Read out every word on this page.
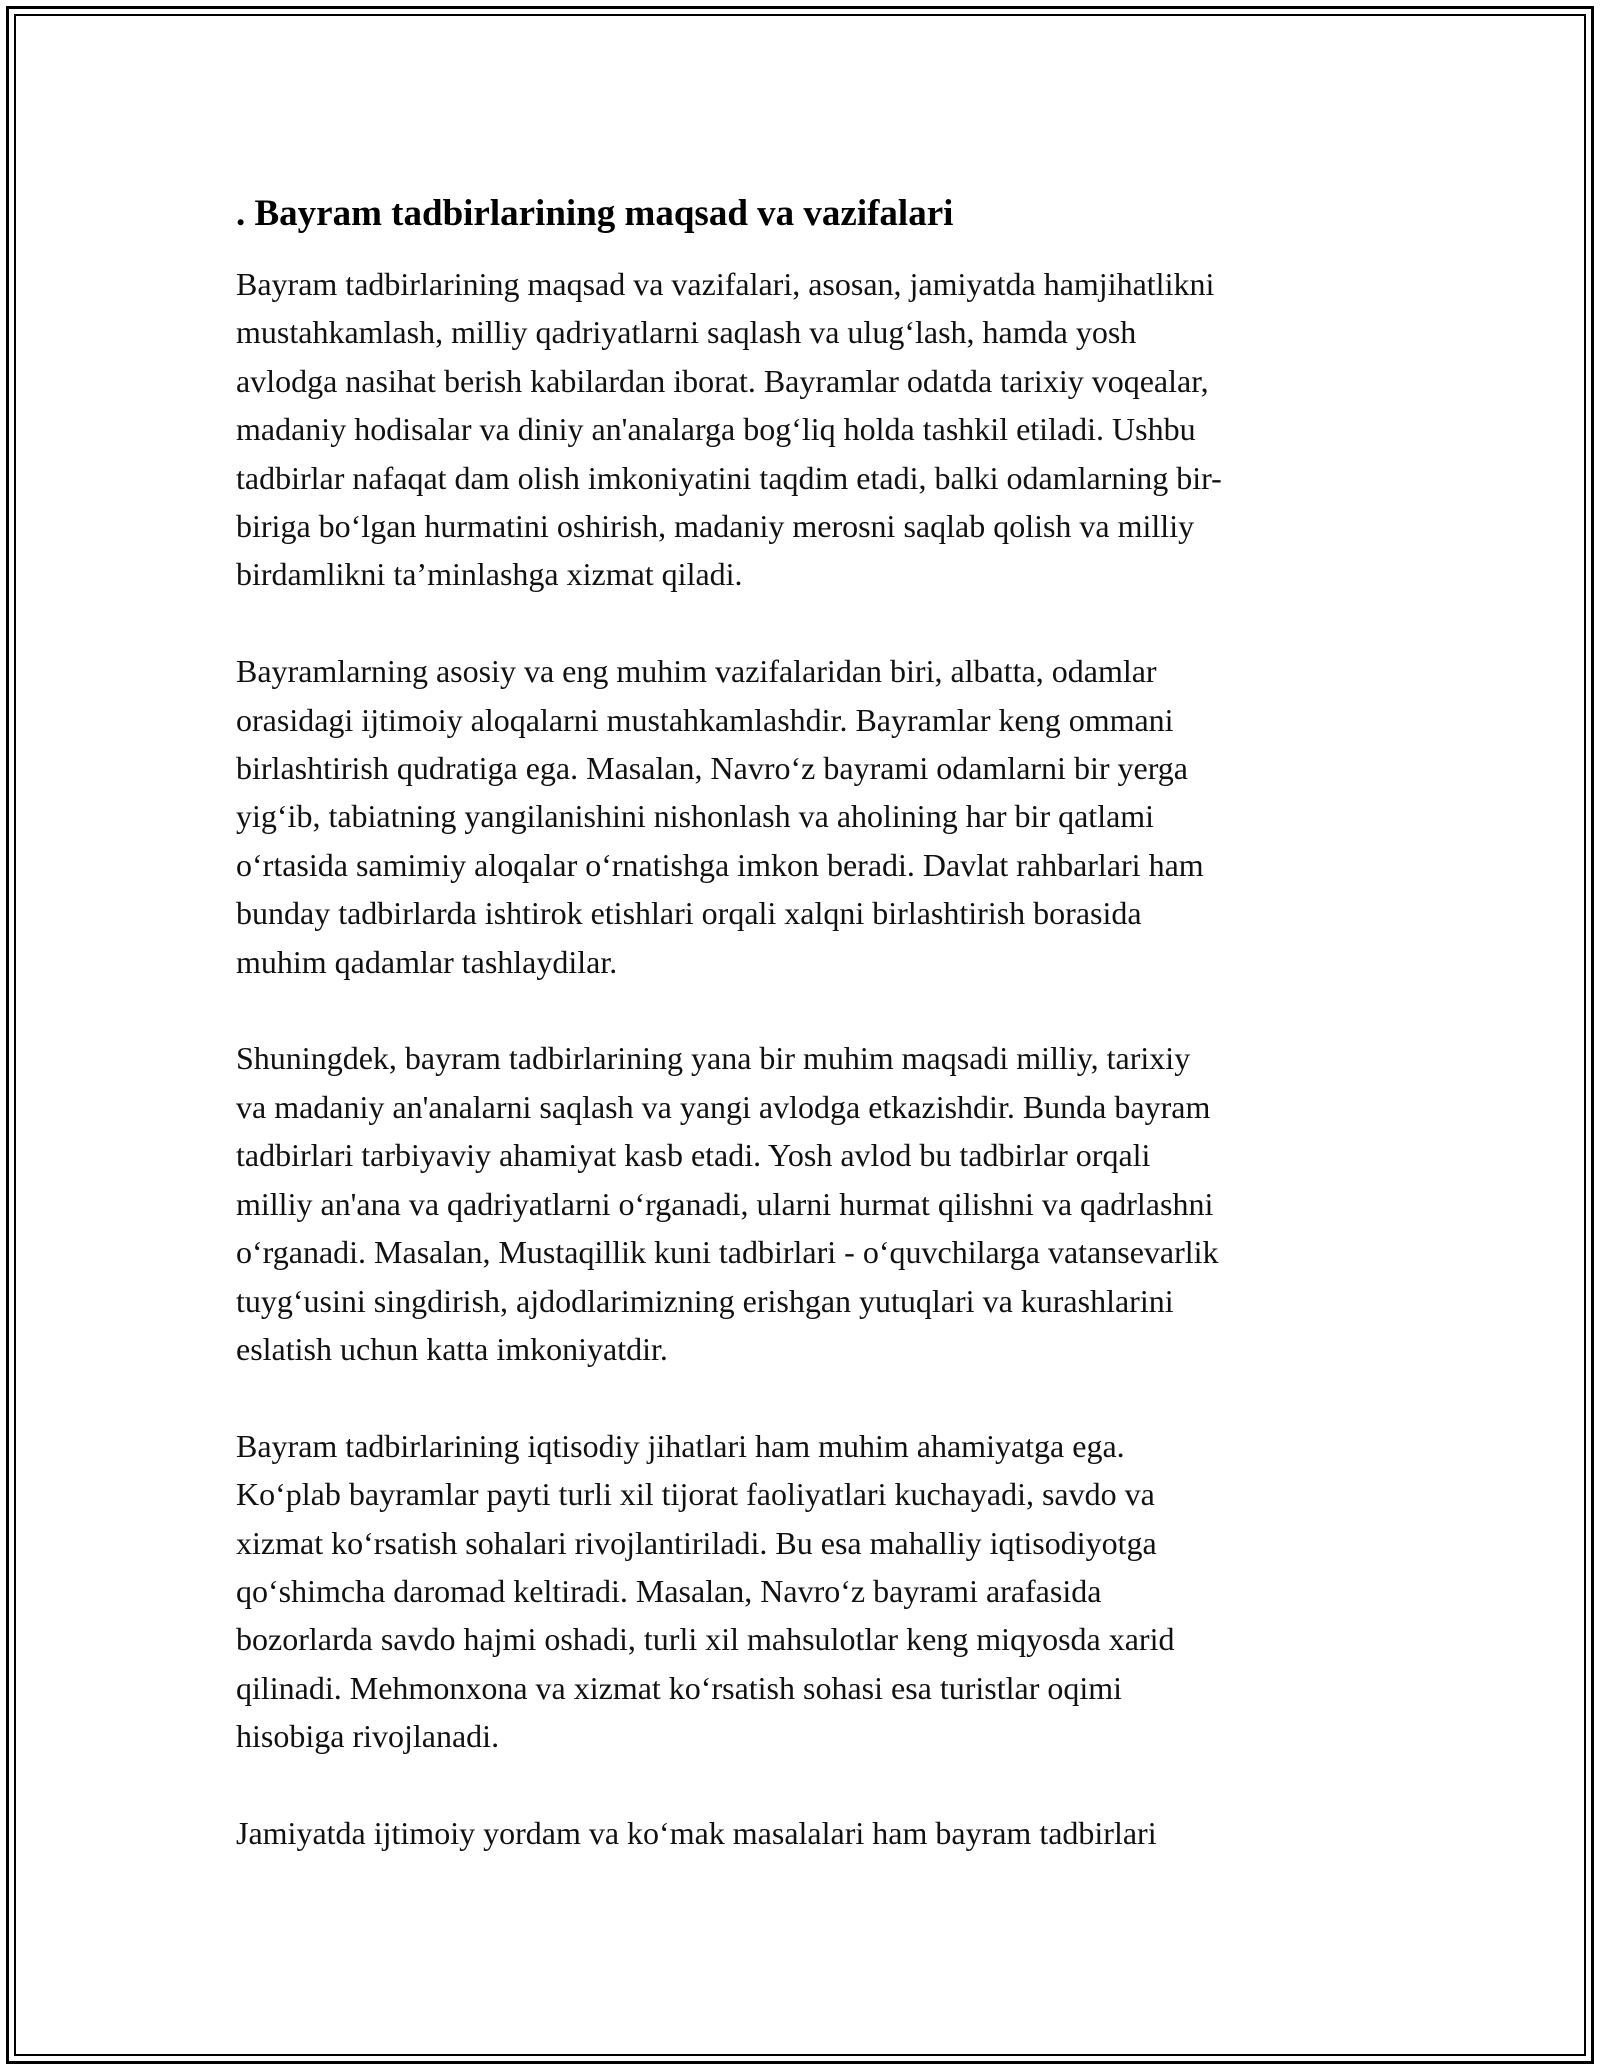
. Bayram tadbirlarining maqsad va vazifalari

Bayram tadbirlarining maqsad va vazifalari, asosan, jamiyatda hamjihatlikni
mustahkamlash, milliy qadriyatlarni saqlash va ulug‘lash, hamda yosh
avlodga nasihat berish kabilardan iborat. Bayramlar odatda tarixiy voqealar,
madaniy hodisalar va diniy an'analarga bog‘liq holda tashkil etiladi. Ushbu
tadbirlar nafaqat dam olish imkoniyatini taqdim etadi, balki odamlarning bir-
biriga bo‘lgan hurmatini oshirish, madaniy merosni saqlab qolish va milliy
birdamlikni ta’minlashga xizmat qiladi.

Bayramlarning asosiy va eng muhim vazifalaridan biri, albatta, odamlar
orasidagi ijtimoiy aloqalarni mustahkamlashdir. Bayramlar keng ommani
birlashtirish qudratiga ega. Masalan, Navro‘z bayrami odamlarni bir yerga
yig‘ib, tabiatning yangilanishini nishonlash va aholining har bir qatlami
o‘rtasida samimiy aloqalar o‘rnatishga imkon beradi. Davlat rahbarlari ham
bunday tadbirlarda ishtirok etishlari orqali xalqni birlashtirish borasida
muhim qadamlar tashlaydilar.

Shuningdek, bayram tadbirlarining yana bir muhim maqsadi milliy, tarixiy
va madaniy an'analarni saqlash va yangi avlodga etkazishdir. Bunda bayram
tadbirlari tarbiyaviy ahamiyat kasb etadi. Yosh avlod bu tadbirlar orqali
milliy an'ana va qadriyatlarni o‘rganadi, ularni hurmat qilishni va qadrlashni
o‘rganadi. Masalan, Mustaqillik kuni tadbirlari - o‘quvchilarga vatansevarlik
tuyg‘usini singdirish, ajdodlarimizning erishgan yutuqlari va kurashlarini
eslatish uchun katta imkoniyatdir.

Bayram tadbirlarining iqtisodiy jihatlari ham muhim ahamiyatga ega.
Ko‘plab bayramlar payti turli xil tijorat faoliyatlari kuchayadi, savdo va
xizmat ko‘rsatish sohalari rivojlantiriladi. Bu esa mahalliy iqtisodiyotga
qo‘shimcha daromad keltiradi. Masalan, Navro‘z bayrami arafasida
bozorlarda savdo hajmi oshadi, turli xil mahsulotlar keng miqyosda xarid
qilinadi. Mehmonxona va xizmat ko‘rsatish sohasi esa turistlar oqimi
hisobiga rivojlanadi.

Jamiyatda ijtimoiy yordam va ko‘mak masalalari ham bayram tadbirlari
